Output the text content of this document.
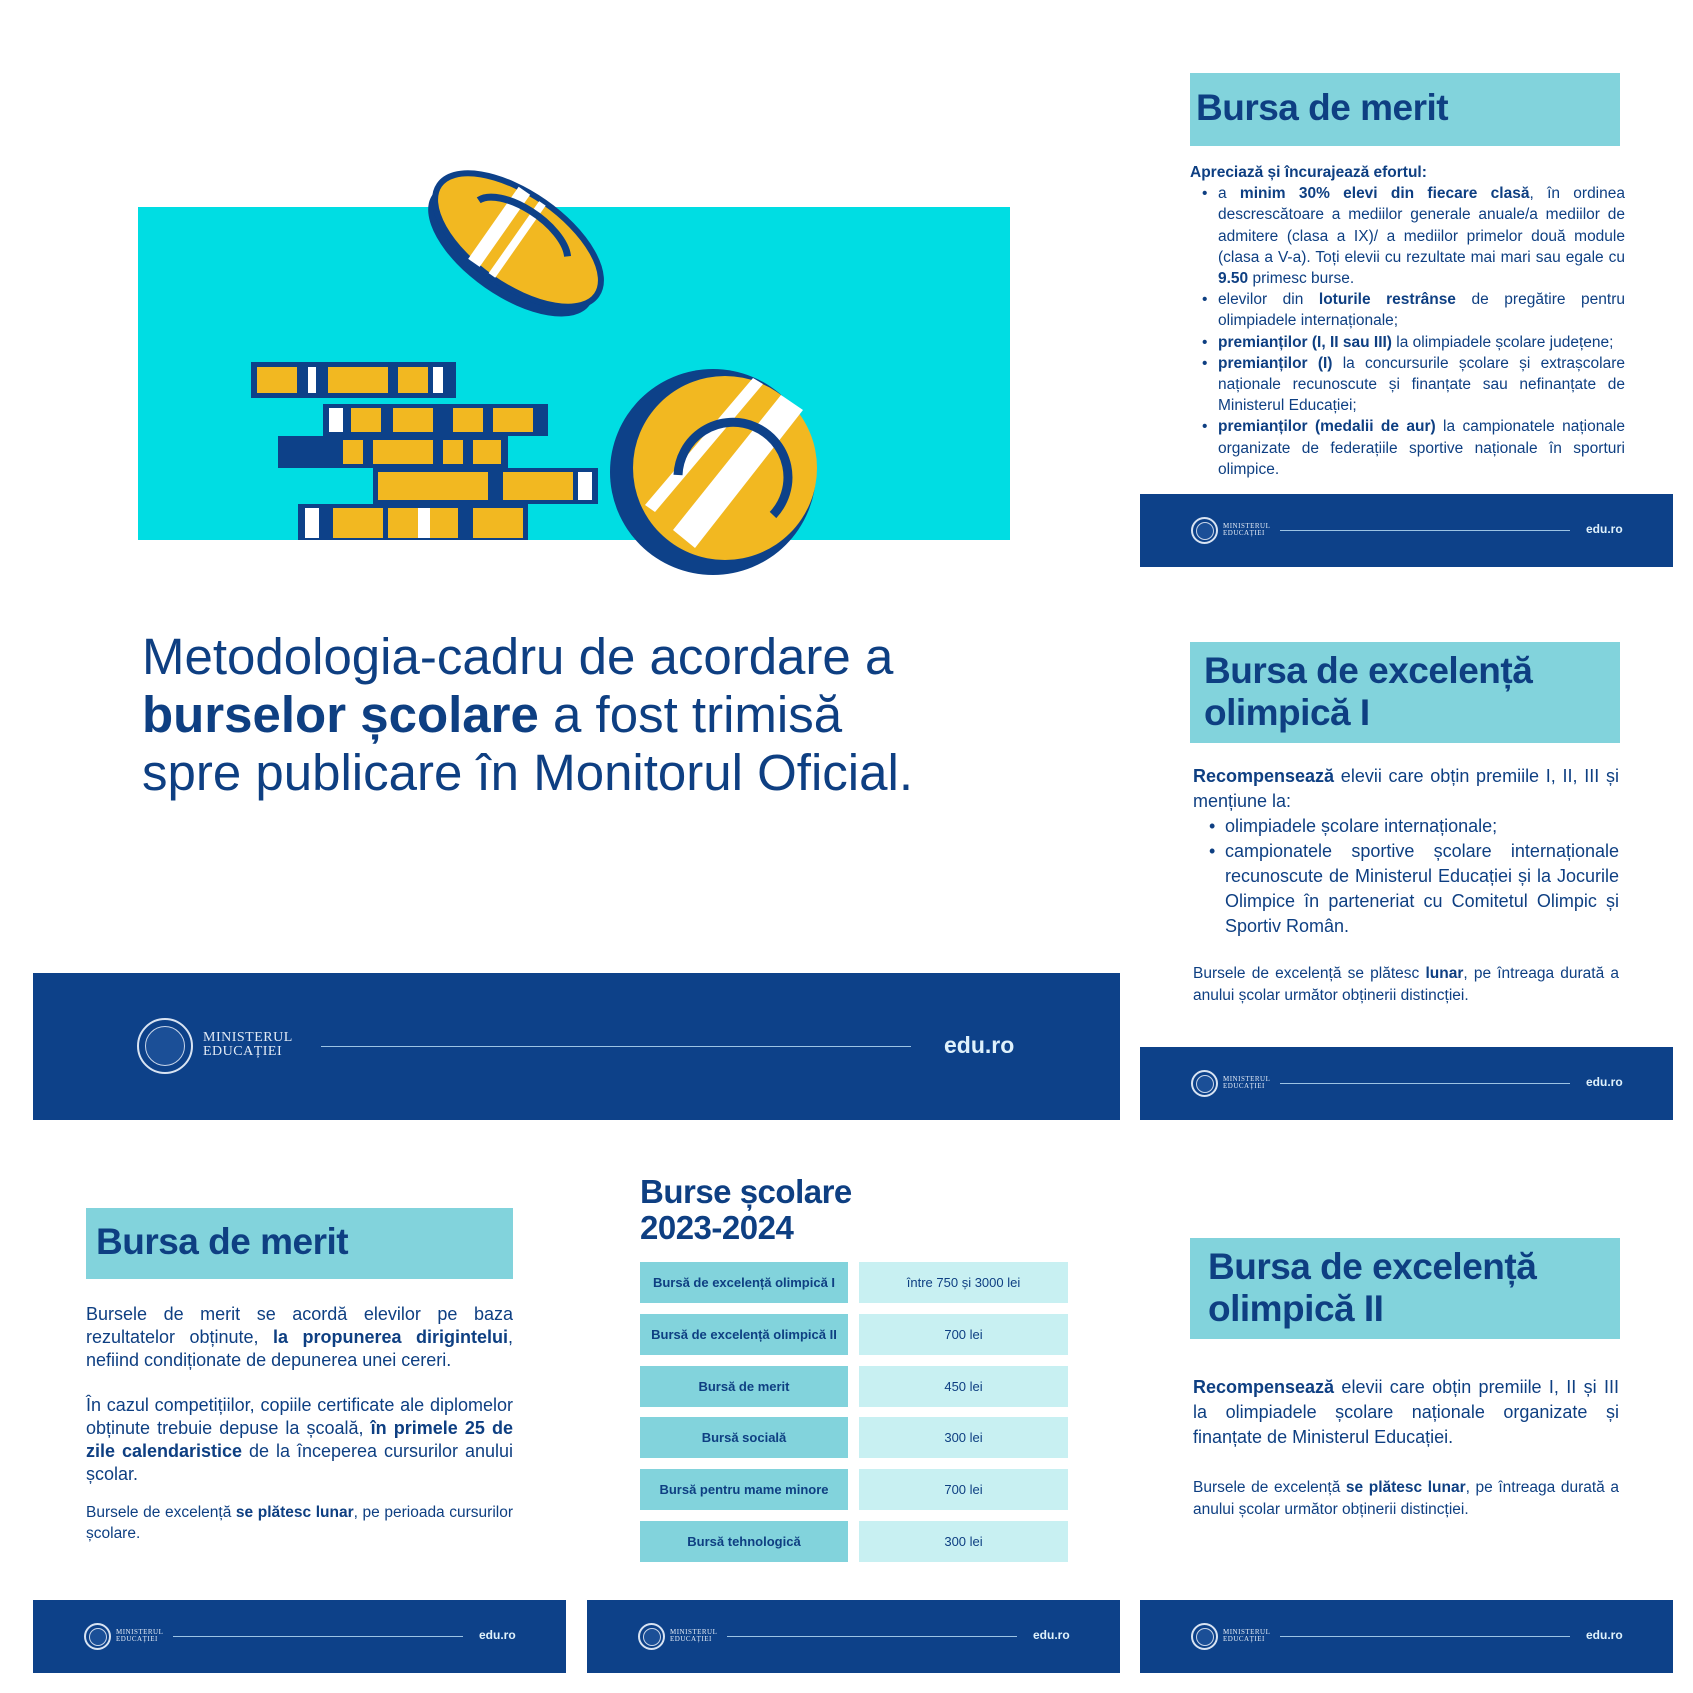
Metodologia-cadru de acordare a
burselor școlare a fost trimisă
spre publicare în Monitorul Oficial.
MINISTERUL
EDUCAȚIEI	edu.ro
Bursa de merit
Apreciază și încurajează efortul:
• a minim 30% elevi din fiecare clasă, în ordinea descrescătoare a mediilor generale anuale/a mediilor de admitere (clasa a IX)/ a mediilor primelor două module (clasa a V-a). Toți elevii cu rezultate mai mari sau egale cu 9.50 primesc burse.
• elevilor din loturile restrânse de pregătire pentru olimpiadele internaționale;
• premianților (I, II sau III) la olimpiadele școlare județene;
• premianților (I) la concursurile școlare și extrașcolare naționale recunoscute și finanțate sau nefinanțate de Ministerul Educației;
• premianților (medalii de aur) la campionatele naționale organizate de federațiile sportive naționale în sporturi olimpice.
MINISTERUL
EDUCAȚIEI	edu.ro
Bursa de excelență
olimpică I
Recompensează elevii care obțin premiile I, II, III și mențiune la:
• olimpiadele școlare internaționale;
• campionatele sportive școlare internaționale recunoscute de Ministerul Educației și la Jocurile Olimpice în parteneriat cu Comitetul Olimpic și Sportiv Român.
Bursele de excelență se plătesc lunar, pe întreaga durată a anului școlar următor obținerii distincției.
MINISTERUL
EDUCAȚIEI	edu.ro
Bursa de merit

Bursele de merit se acordă elevilor pe baza rezultatelor obținute, la propunerea dirigintelui, nefiind condiționate de depunerea unei cereri.

În cazul competițiilor, copiile certificate ale diplomelor obținute trebuie depuse la școală, în primele 25 de zile calendaristice de la începerea cursurilor anului școlar.

Bursele de excelență se plătesc lunar, pe perioada cursurilor școlare.

MINISTERUL
EDUCAȚIEI	edu.ro
Burse școlare
2023-2024
Bursă de excelență olimpică I	între 750 și 3000 lei
Bursă de excelență olimpică II	700 lei
Bursă de merit	450 lei
Bursă socială	300 lei
Bursă pentru mame minore	700 lei
Bursă tehnologică	300 lei
MINISTERUL
EDUCAȚIEI	edu.ro
Bursa de excelență
olimpică II
Recompensează elevii care obțin premiile I, II și III la olimpiadele școlare naționale organizate și finanțate de Ministerul Educației.
Bursele de excelență se plătesc lunar, pe întreaga durată a anului școlar următor obținerii distincției.
MINISTERUL
EDUCAȚIEI	edu.ro
